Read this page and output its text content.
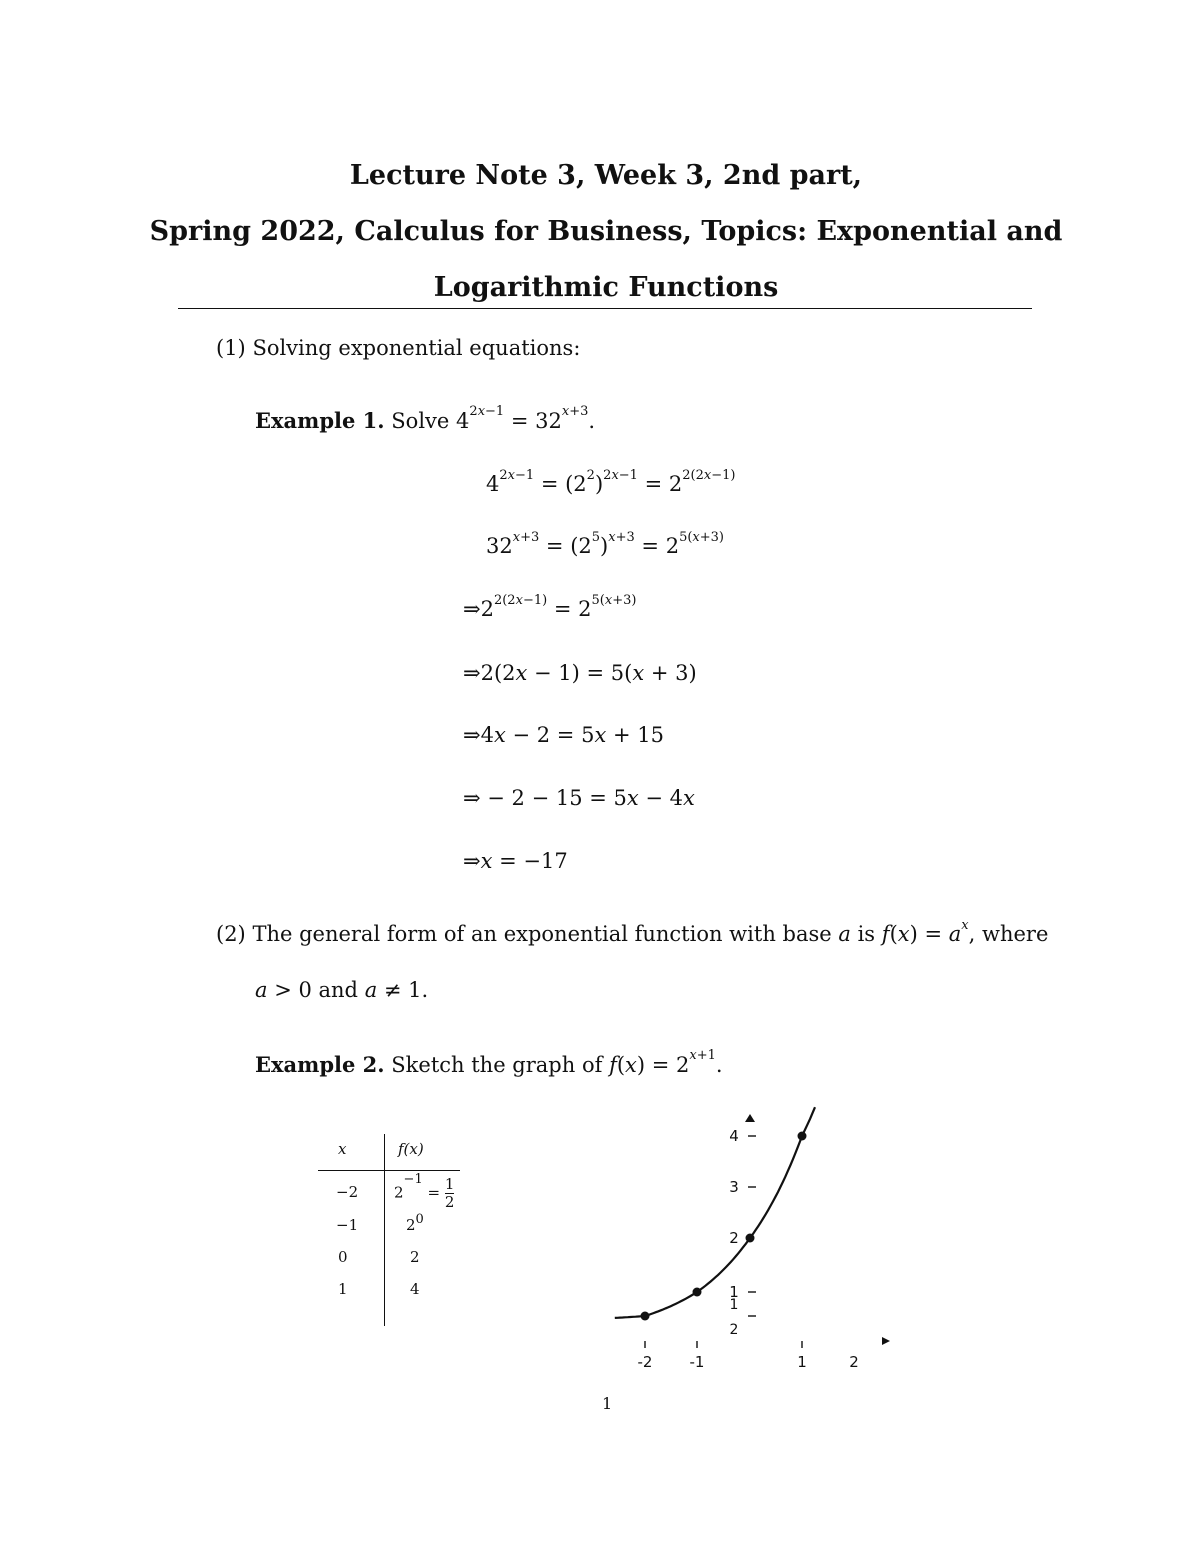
Lecture Note 3, Week 3, 2nd part,
Spring 2022, Calculus for Business, Topics: Exponential and
Logarithmic Functions
(1) Solving exponential equations:
Example 1. Solve $4^{2x-1} = 32^{x+3}$.
$4^{2x-1} = (2^2)^{2x-1} = 2^{2(2x-1)}$
$32^{x+3} = (2^5)^{x+3} = 2^{5(x+3)}$
$\Rightarrow 2^{2(2x-1)} = 2^{5(x+3)}$
⇒2(2x − 1) = 5(x + 3)
⇒4x − 2 = 5x + 15
⇒ − 2 − 15 = 5x − 4x
⇒x = −17
(2) The general form of an exponential function with base a is $f(x) = a^x$, where
a > 0 and a ≠ 1.
Example 2. Sketch the graph of $f(x) = 2^{x+1}$.
x	f(x)
−2 $2^{-1} = \frac{1}{2}$
−1	$2^0$
0	2
1	4
-2 -1	1	2
4
3
2
1
1
2
1
